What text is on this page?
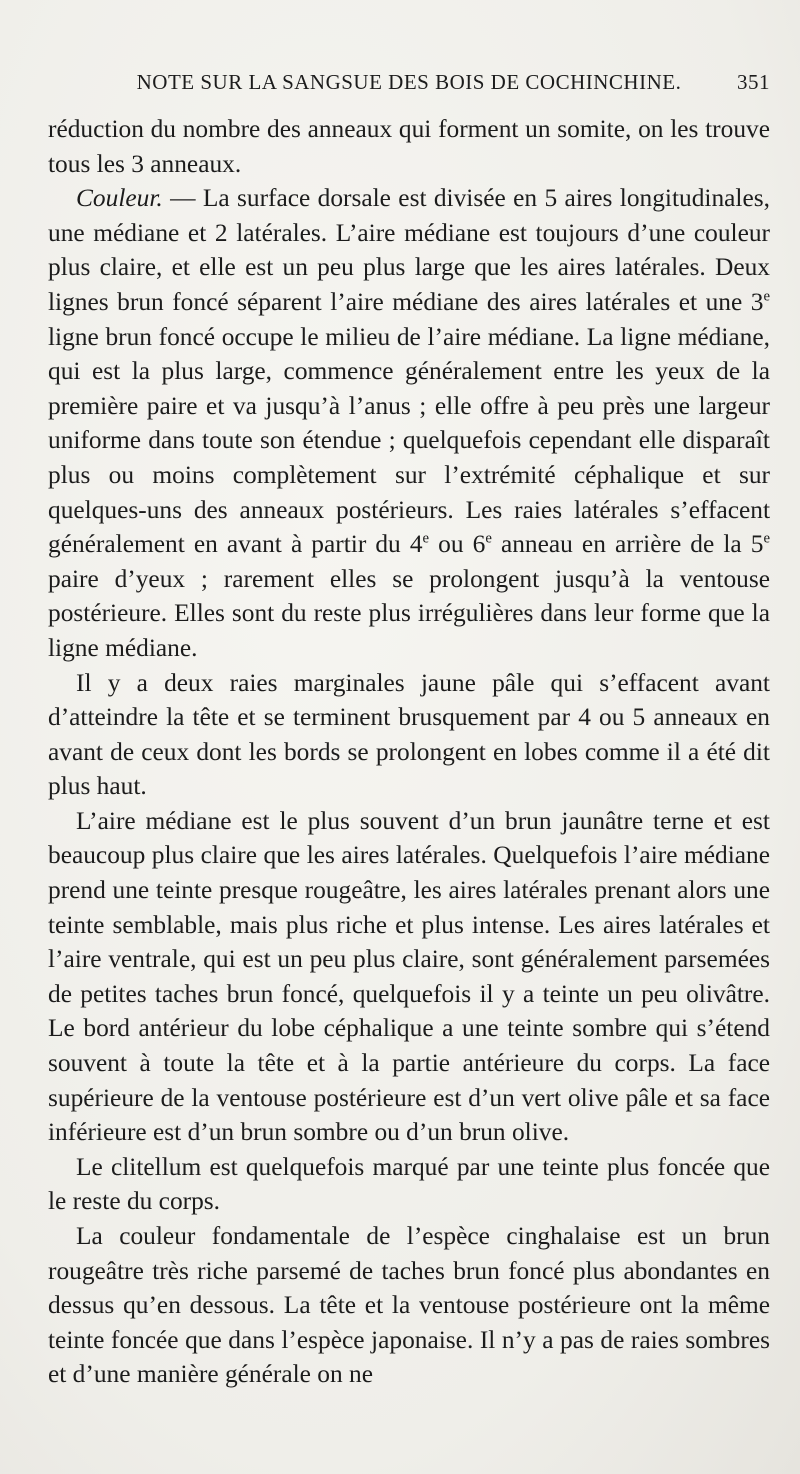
NOTE SUR LA SANGSUE DES BOIS DE COCHINCHINE.	351

réduction du nombre des anneaux qui forment un somite, on les trouve tous les 3 anneaux.

Couleur. — La surface dorsale est divisée en 5 aires longitudinales, une médiane et 2 latérales. L’aire médiane est toujours d’une couleur plus claire, et elle est un peu plus large que les aires latérales. Deux lignes brun foncé séparent l’aire médiane des aires latérales et une 3e ligne brun foncé occupe le milieu de l’aire médiane. La ligne médiane, qui est la plus large, commence généralement entre les yeux de la première paire et va jusqu’à l’anus ; elle offre à peu près une largeur uniforme dans toute son étendue ; quelquefois cependant elle disparaît plus ou moins complètement sur l’extrémité céphalique et sur quelques-uns des anneaux postérieurs. Les raies latérales s’effacent généralement en avant à partir du 4e ou 6e anneau en arrière de la 5e paire d’yeux ; rarement elles se prolongent jusqu’à la ventouse postérieure. Elles sont du reste plus irrégulières dans leur forme que la ligne médiane.

Il y a deux raies marginales jaune pâle qui s’effacent avant d’atteindre la tête et se terminent brusquement par 4 ou 5 anneaux en avant de ceux dont les bords se prolongent en lobes comme il a été dit plus haut.

L’aire médiane est le plus souvent d’un brun jaunâtre terne et est beaucoup plus claire que les aires latérales. Quelquefois l’aire médiane prend une teinte presque rougeâtre, les aires latérales prenant alors une teinte semblable, mais plus riche et plus intense. Les aires latérales et l’aire ventrale, qui est un peu plus claire, sont généralement parsemées de petites taches brun foncé, quelquefois il y a teinte un peu olivâtre. Le bord antérieur du lobe céphalique a une teinte sombre qui s’étend souvent à toute la tête et à la partie antérieure du corps. La face supérieure de la ventouse postérieure est d’un vert olive pâle et sa face inférieure est d’un brun sombre ou d’un brun olive.

Le clitellum est quelquefois marqué par une teinte plus foncée que le reste du corps.

La couleur fondamentale de l’espèce cinghalaise est un brun rougeâtre très riche parsemé de taches brun foncé plus abondantes en dessus qu’en dessous. La tête et la ventouse postérieure ont la même teinte foncée que dans l’espèce japonaise. Il n’y a pas de raies sombres et d’une manière générale on ne
